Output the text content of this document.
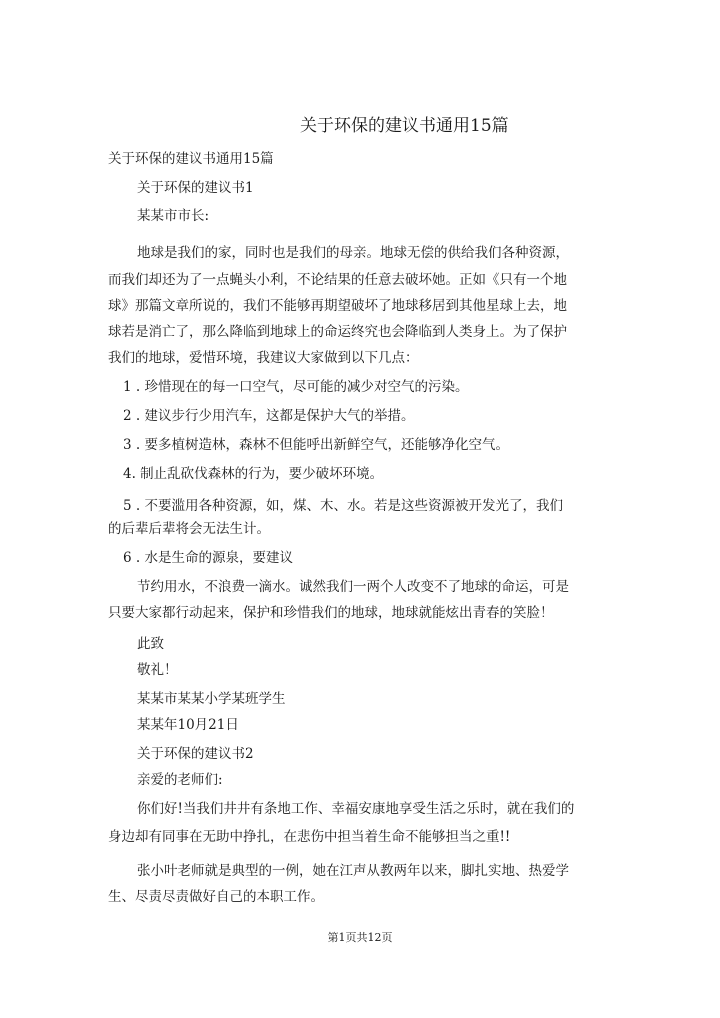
关于环保的建议书通用15篇
关于环保的建议书通用15篇
关于环保的建议书1
某某市市长:
地球是我们的家，同时也是我们的母亲。地球无偿的供给我们各种资源，
而我们却还为了一点蝇头小利，不论结果的任意去破坏她。正如《只有一个地
球》那篇文章所说的，我们不能够再期望破坏了地球移居到其他星球上去，地
球若是消亡了，那么降临到地球上的命运终究也会降临到人类身上。为了保护
我们的地球，爱惜环境，我建议大家做到以下几点：
1 . 珍惜现在的每一口空气，尽可能的减少对空气的污染。
2 . 建议步行少用汽车，这都是保护大气的举措。
3 . 要多植树造林，森林不但能呼出新鲜空气，还能够净化空气。
4. 制止乱砍伐森林的行为，要少破坏环境。
5 . 不要滥用各种资源，如，煤、木、水。若是这些资源被开发光了，我们
的后辈后辈将会无法生计。
6 . 水是生命的源泉，要建议
节约用水，不浪费一滴水。诚然我们一两个人改变不了地球的命运，可是
只要大家都行动起来，保护和珍惜我们的地球，地球就能炫出青春的笑脸！
此致
敬礼！
某某市某某小学某班学生
某某年10月21日
关于环保的建议书2
亲爱的老师们:
你们好!当我们井井有条地工作、幸福安康地享受生活之乐时，就在我们的
身边却有同事在无助中挣扎，在悲伤中担当着生命不能够担当之重!!
张小叶老师就是典型的一例，她在江声从教两年以来，脚扎实地、热爱学
生、尽责尽责做好自己的本职工作。
第1页共12页
